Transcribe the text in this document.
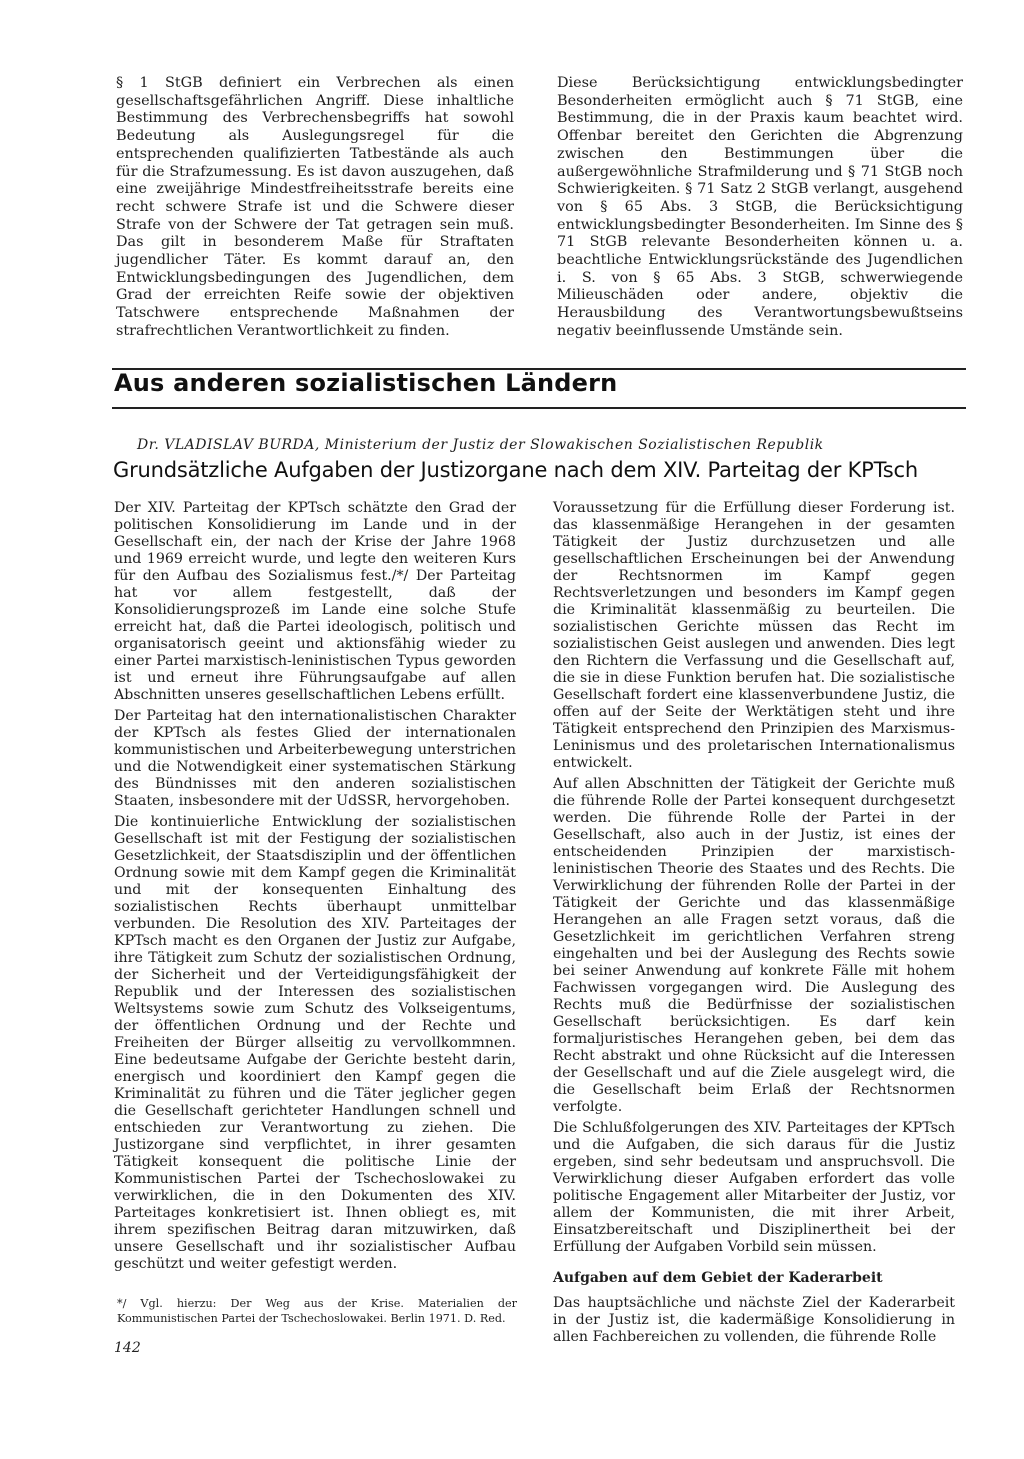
§ 1 StGB definiert ein Verbrechen als einen gesellschaftsgefährlichen Angriff. Diese inhaltliche Bestimmung des Verbrechensbegriffs hat sowohl Bedeutung als Auslegungsregel für die entsprechenden qualifizierten Tatbestände als auch für die Strafzumessung. Es ist davon auszugehen, daß eine zweijährige Mindestfreiheitsstrafe bereits eine recht schwere Strafe ist und die Schwere dieser Strafe von der Schwere der Tat getragen sein muß. Das gilt in besonderem Maße für Straftaten jugendlicher Täter. Es kommt darauf an, den Entwicklungsbedingungen des Jugendlichen, dem Grad der erreichten Reife sowie der objektiven Tatschwere entsprechende Maßnahmen der strafrechtlichen Verantwortlichkeit zu finden.

Diese Berücksichtigung entwicklungsbedingter Besonderheiten ermöglicht auch § 71 StGB, eine Bestimmung, die in der Praxis kaum beachtet wird. Offenbar bereitet den Gerichten die Abgrenzung zwischen den Bestimmungen über die außergewöhnliche Strafmilderung und § 71 StGB noch Schwierigkeiten. § 71 Satz 2 StGB verlangt, ausgehend von § 65 Abs. 3 StGB, die Berücksichtigung entwicklungsbedingter Besonderheiten. Im Sinne des § 71 StGB relevante Besonderheiten können u. a. beachtliche Entwicklungsrückstände des Jugendlichen i. S. von § 65 Abs. 3 StGB, schwerwiegende Milieuschäden oder andere, objektiv die Herausbildung des Verantwortungsbewußtseins negativ beeinflussende Umstände sein.

Aus anderen sozialistischen Ländern

Dr. VLADISLAV BURDA, Ministerium der Justiz der Slowakischen Sozialistischen Republik

Grundsätzliche Aufgaben der Justizorgane nach dem XIV. Parteitag der KPTsch

Der XIV. Parteitag der KPTsch schätzte den Grad der politischen Konsolidierung im Lande und in der Gesellschaft ein, der nach der Krise der Jahre 1968 und 1969 erreicht wurde, und legte den weiteren Kurs für den Aufbau des Sozialismus fest./*/ Der Parteitag hat vor allem festgestellt, daß der Konsolidierungsprozeß im Lande eine solche Stufe erreicht hat, daß die Partei ideologisch, politisch und organisatorisch geeint und aktionsfähig wieder zu einer Partei marxistisch-leninistischen Typus geworden ist und erneut ihre Führungsaufgabe auf allen Abschnitten unseres gesellschaftlichen Lebens erfüllt.

Der Parteitag hat den internationalistischen Charakter der KPTsch als festes Glied der internationalen kommunistischen und Arbeiterbewegung unterstrichen und die Notwendigkeit einer systematischen Stärkung des Bündnisses mit den anderen sozialistischen Staaten, insbesondere mit der UdSSR, hervorgehoben.

Die kontinuierliche Entwicklung der sozialistischen Gesellschaft ist mit der Festigung der sozialistischen Gesetzlichkeit, der Staatsdisziplin und der öffentlichen Ordnung sowie mit dem Kampf gegen die Kriminalität und mit der konsequenten Einhaltung des sozialistischen Rechts überhaupt unmittelbar verbunden. Die Resolution des XIV. Parteitages der KPTsch macht es den Organen der Justiz zur Aufgabe, ihre Tätigkeit zum Schutz der sozialistischen Ordnung, der Sicherheit und der Verteidigungsfähigkeit der Republik und der Interessen des sozialistischen Weltsystems sowie zum Schutz des Volkseigentums, der öffentlichen Ordnung und der Rechte und Freiheiten der Bürger allseitig zu vervollkommnen. Eine bedeutsame Aufgabe der Gerichte besteht darin, energisch und koordiniert den Kampf gegen die Kriminalität zu führen und die Täter jeglicher gegen die Gesellschaft gerichteter Handlungen schnell und entschieden zur Verantwortung zu ziehen. Die Justizorgane sind verpflichtet, in ihrer gesamten Tätigkeit konsequent die politische Linie der Kommunistischen Partei der Tschechoslowakei zu verwirklichen, die in den Dokumenten des XIV. Parteitages konkretisiert ist. Ihnen obliegt es, mit ihrem spezifischen Beitrag daran mitzuwirken, daß unsere Gesellschaft und ihr sozialistischer Aufbau geschützt und weiter gefestigt werden.

Voraussetzung für die Erfüllung dieser Forderung ist. das klassenmäßige Herangehen in der gesamten Tätigkeit der Justiz durchzusetzen und alle gesellschaftlichen Erscheinungen bei der Anwendung der Rechtsnormen im Kampf gegen Rechtsverletzungen und besonders im Kampf gegen die Kriminalität klassenmäßig zu beurteilen. Die sozialistischen Gerichte müssen das Recht im sozialistischen Geist auslegen und anwenden. Dies legt den Richtern die Verfassung und die Gesellschaft auf, die sie in diese Funktion berufen hat. Die sozialistische Gesellschaft fordert eine klassenverbundene Justiz, die offen auf der Seite der Werktätigen steht und ihre Tätigkeit entsprechend den Prinzipien des Marxismus-Leninismus und des proletarischen Internationalismus entwickelt.

Auf allen Abschnitten der Tätigkeit der Gerichte muß die führende Rolle der Partei konsequent durchgesetzt werden. Die führende Rolle der Partei in der Gesellschaft, also auch in der Justiz, ist eines der entscheidenden Prinzipien der marxistisch-leninistischen Theorie des Staates und des Rechts. Die Verwirklichung der führenden Rolle der Partei in der Tätigkeit der Gerichte und das klassenmäßige Herangehen an alle Fragen setzt voraus, daß die Gesetzlichkeit im gerichtlichen Verfahren streng eingehalten und bei der Auslegung des Rechts sowie bei seiner Anwendung auf konkrete Fälle mit hohem Fachwissen vorgegangen wird. Die Auslegung des Rechts muß die Bedürfnisse der sozialistischen Gesellschaft berücksichtigen. Es darf kein formaljuristisches Herangehen geben, bei dem das Recht abstrakt und ohne Rücksicht auf die Interessen der Gesellschaft und auf die Ziele ausgelegt wird, die die Gesellschaft beim Erlaß der Rechtsnormen verfolgte.

Die Schlußfolgerungen des XIV. Parteitages der KPTsch und die Aufgaben, die sich daraus für die Justiz ergeben, sind sehr bedeutsam und anspruchsvoll. Die Verwirklichung dieser Aufgaben erfordert das volle politische Engagement aller Mitarbeiter der Justiz, vor allem der Kommunisten, die mit ihrer Arbeit, Einsatzbereitschaft und Disziplinertheit bei der Erfüllung der Aufgaben Vorbild sein müssen.

Aufgaben auf dem Gebiet der Kaderarbeit

Das hauptsächliche und nächste Ziel der Kaderarbeit in der Justiz ist, die kadermäßige Konsolidierung in allen Fachbereichen zu vollenden, die führende Rolle

*/ Vgl. hierzu: Der Weg aus der Krise. Materialien der Kommunistischen Partei der Tschechoslowakei. Berlin 1971. D. Red.

142
